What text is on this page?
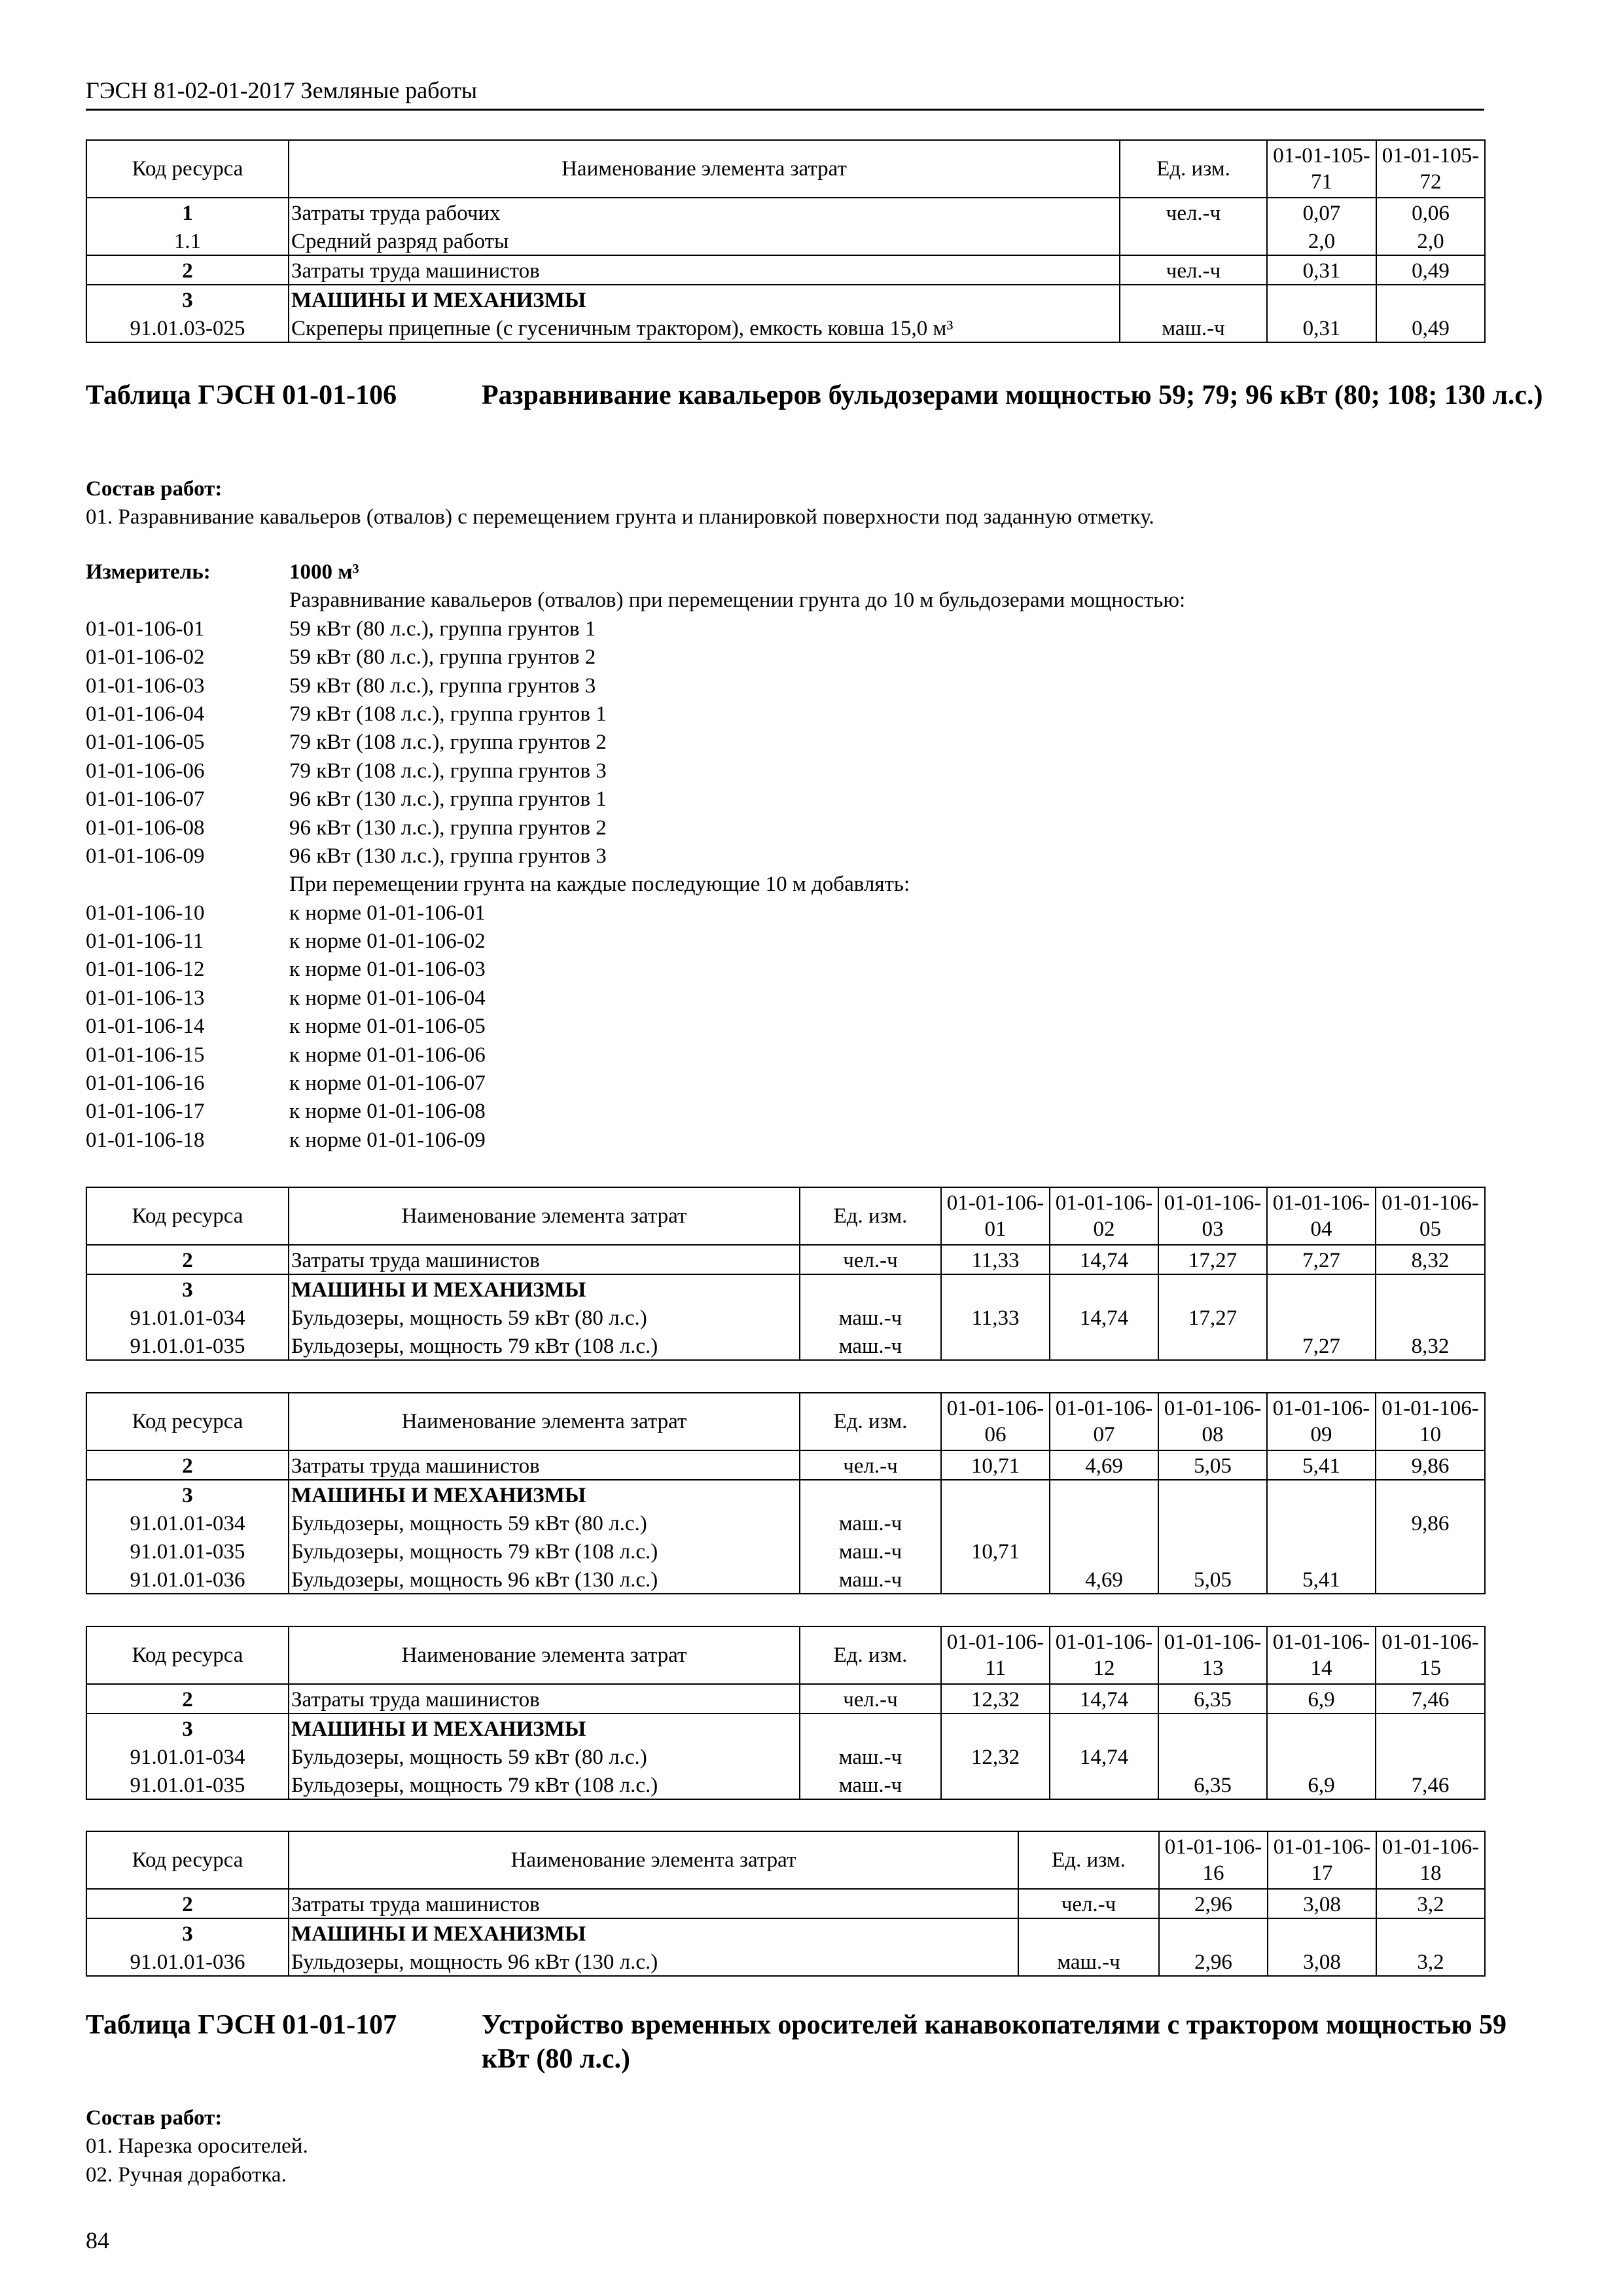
ГЭСН 81-02-01-2017 Земляные работы
Код ресурса	Наименование элемента затрат	Ед. изм.	01-01-105-71	01-01-105-72
1	Затраты труда рабочих	чел.-ч	0,07	0,06
1.1	Средний разряд работы		2,0	2,0
2	Затраты труда машинистов	чел.-ч	0,31	0,49
3	МАШИНЫ И МЕХАНИЗМЫ			
91.01.03-025	Скреперы прицепные (с гусеничным трактором), емкость ковша 15,0 м³	маш.-ч	0,31	0,49
Таблица ГЭСН 01-01-106	Разравнивание кавальеров бульдозерами мощностью 59; 79; 96 кВт (80; 108; 130 л.с.)
Состав работ:
01. Разравнивание кавальеров (отвалов) с перемещением грунта и планировкой поверхности под заданную отметку.
Измеритель:	1000 м³
Разравнивание кавальеров (отвалов) при перемещении грунта до 10 м бульдозерами мощностью:
01-01-106-01	59 кВт (80 л.с.), группа грунтов 1
01-01-106-02	59 кВт (80 л.с.), группа грунтов 2
01-01-106-03	59 кВт (80 л.с.), группа грунтов 3
01-01-106-04	79 кВт (108 л.с.), группа грунтов 1
01-01-106-05	79 кВт (108 л.с.), группа грунтов 2
01-01-106-06	79 кВт (108 л.с.), группа грунтов 3
01-01-106-07	96 кВт (130 л.с.), группа грунтов 1
01-01-106-08	96 кВт (130 л.с.), группа грунтов 2
01-01-106-09	96 кВт (130 л.с.), группа грунтов 3
При перемещении грунта на каждые последующие 10 м добавлять:
01-01-106-10	к норме 01-01-106-01
01-01-106-11	к норме 01-01-106-02
01-01-106-12	к норме 01-01-106-03
01-01-106-13	к норме 01-01-106-04
01-01-106-14	к норме 01-01-106-05
01-01-106-15	к норме 01-01-106-06
01-01-106-16	к норме 01-01-106-07
01-01-106-17	к норме 01-01-106-08
01-01-106-18	к норме 01-01-106-09
Код ресурса	Наименование элемента затрат	Ед. изм.	01-01-106-01	01-01-106-02	01-01-106-03	01-01-106-04	01-01-106-05
2	Затраты труда машинистов	чел.-ч	11,33	14,74	17,27	7,27	8,32
3	МАШИНЫ И МЕХАНИЗМЫ						
91.01.01-034	Бульдозеры, мощность 59 кВт (80 л.с.)	маш.-ч	11,33	14,74	17,27		
91.01.01-035	Бульдозеры, мощность 79 кВт (108 л.с.)	маш.-ч				7,27	8,32
Код ресурса	Наименование элемента затрат	Ед. изм.	01-01-106-06	01-01-106-07	01-01-106-08	01-01-106-09	01-01-106-10
2	Затраты труда машинистов	чел.-ч	10,71	4,69	5,05	5,41	9,86
3	МАШИНЫ И МЕХАНИЗМЫ						
91.01.01-034	Бульдозеры, мощность 59 кВт (80 л.с.)	маш.-ч					9,86
91.01.01-035	Бульдозеры, мощность 79 кВт (108 л.с.)	маш.-ч	10,71				
91.01.01-036	Бульдозеры, мощность 96 кВт (130 л.с.)	маш.-ч		4,69	5,05	5,41	
Код ресурса	Наименование элемента затрат	Ед. изм.	01-01-106-11	01-01-106-12	01-01-106-13	01-01-106-14	01-01-106-15
2	Затраты труда машинистов	чел.-ч	12,32	14,74	6,35	6,9	7,46
3	МАШИНЫ И МЕХАНИЗМЫ						
91.01.01-034	Бульдозеры, мощность 59 кВт (80 л.с.)	маш.-ч	12,32	14,74			
91.01.01-035	Бульдозеры, мощность 79 кВт (108 л.с.)	маш.-ч			6,35	6,9	7,46
Код ресурса	Наименование элемента затрат	Ед. изм.	01-01-106-16	01-01-106-17	01-01-106-18
2	Затраты труда машинистов	чел.-ч	2,96	3,08	3,2
3	МАШИНЫ И МЕХАНИЗМЫ				
91.01.01-036	Бульдозеры, мощность 96 кВт (130 л.с.)	маш.-ч	2,96	3,08	3,2
Таблица ГЭСН 01-01-107	Устройство временных оросителей канавокопателями с трактором мощностью 59 кВт (80 л.с.)
Состав работ:
01. Нарезка оросителей.
02. Ручная доработка.
84
